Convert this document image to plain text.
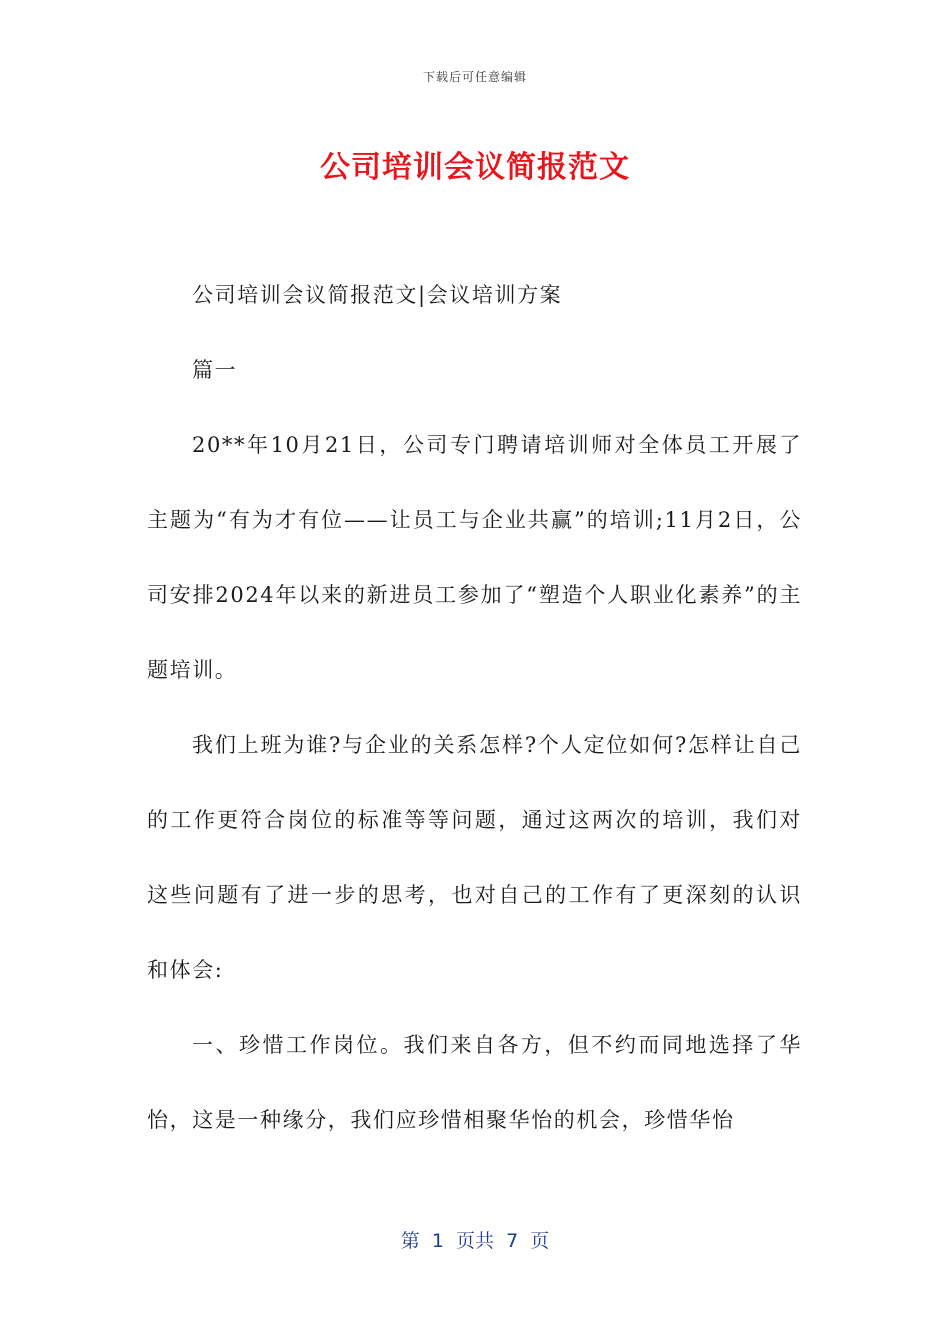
下载后可任意编辑
公司培训会议简报范文

公司培训会议简报范文|会议培训方案

篇一

20**年10月21日，公司专门聘请培训师对全体员工开展了主题为“有为才有位——让员工与企业共赢”的培训;11月2日，公司安排2024年以来的新进员工参加了“塑造个人职业化素养”的主题培训。

我们上班为谁?与企业的关系怎样?个人定位如何?怎样让自己的工作更符合岗位的标准等等问题，通过这两次的培训，我们对这些问题有了进一步的思考，也对自己的工作有了更深刻的认识和体会:

一、珍惜工作岗位。我们来自各方，但不约而同地选择了华怡，这是一种缘分，我们应珍惜相聚华怡的机会，珍惜华怡

第  1  页共  7  页
